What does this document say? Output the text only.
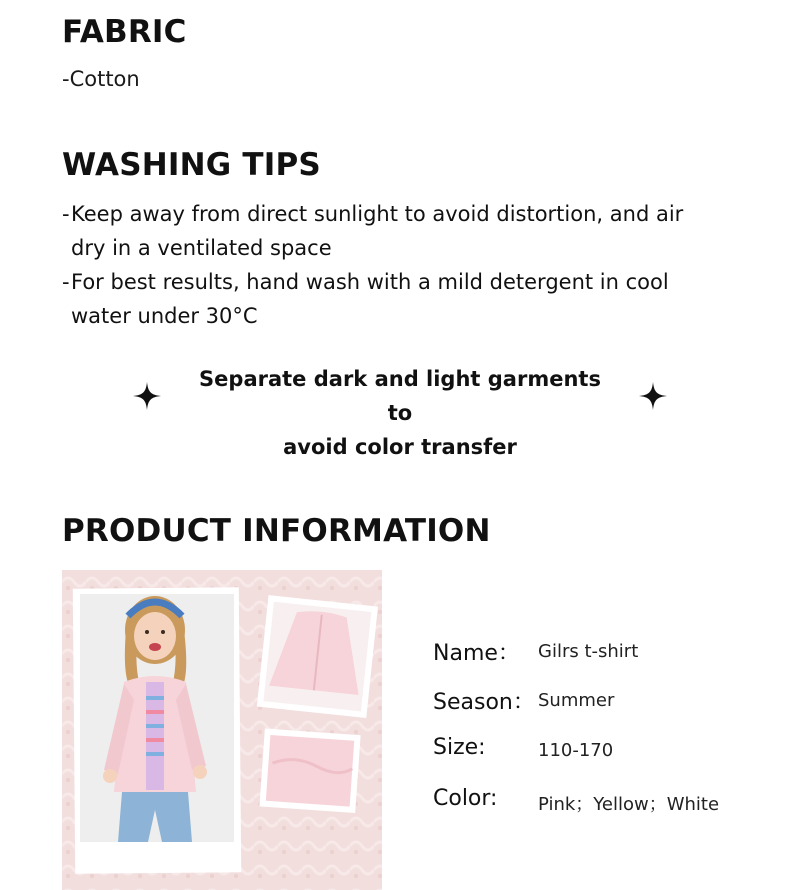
FABRIC

-Cotton

WASHING TIPS
- Keep away from direct sunlight to avoid distortion, and air dry in a ventilated space
- For best results, hand wash with a mild detergent in cool water under 30°C
Separate dark and light garments to
avoid color transfer
PRODUCT INFORMATION
Name： Gilrs t-shirt
Season： Summer
Size:	110-170
Color: Pink；Yellow；White
